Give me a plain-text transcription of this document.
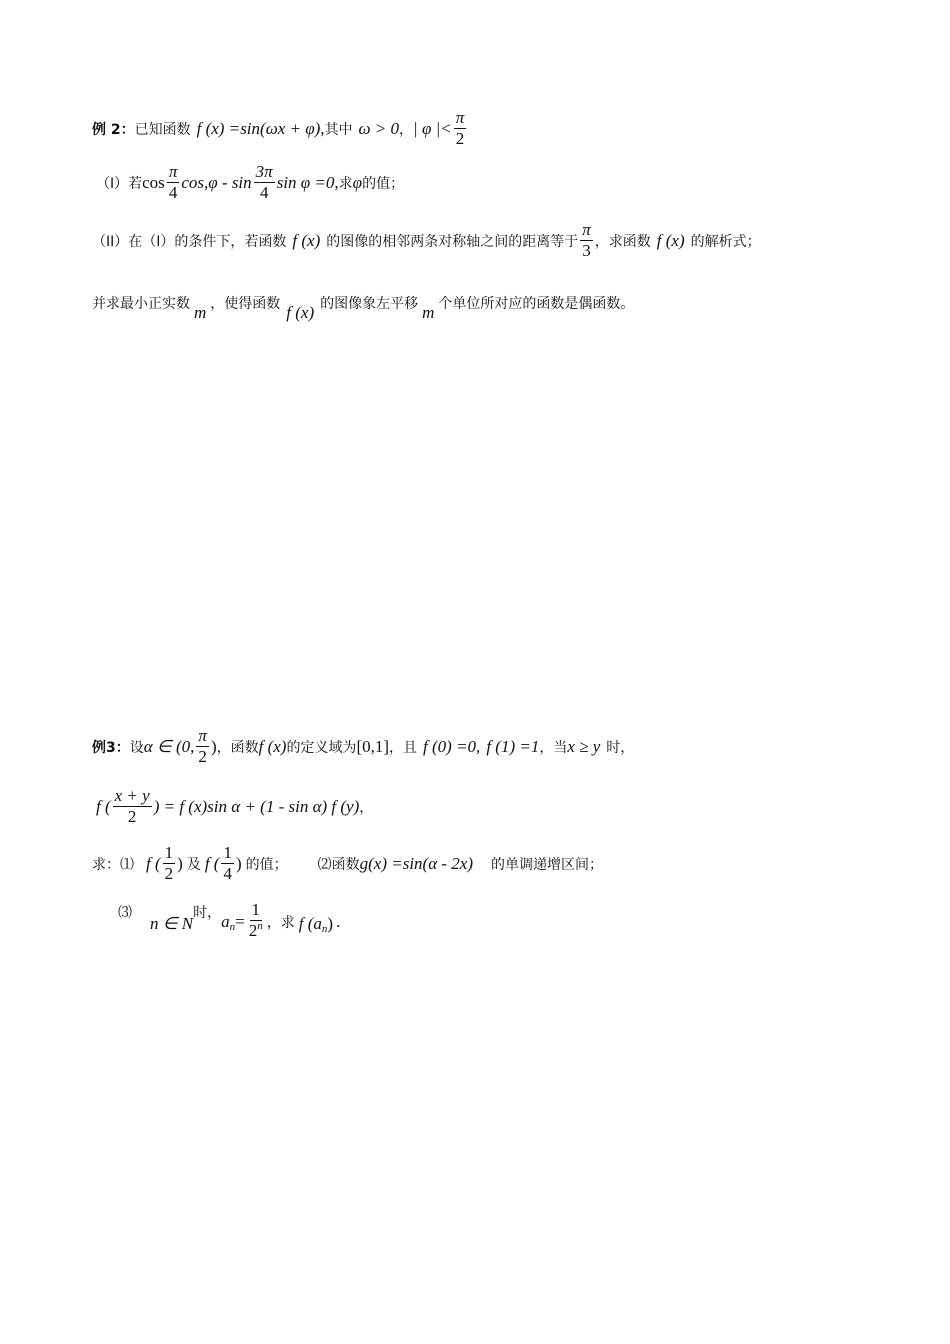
例 2： 已知函数 f (x) =sin(ωx + φ), 其中 ω > 0 ， | φ |< $\frac{\pi}{2}$
（I）若 $\cos \frac{\pi}{4} \cos,\varphi$ - $\sin \frac{3\pi}{4}$ sin φ =0, 求 φ 的值；
（II）在（I）的条件下，若函数 f (x) 的图像的相邻两条对称轴之间的距离等于 $\frac{\pi}{3}$ ，求函数 f (x) 的解析式；
并求最小正实数 m ，使得函数 f (x) 的图像象左平移 m 个单位所对应的函数是偶函数。
例3： 设 α ∈ (0, $\frac{\pi}{2}$ ) ，函数 f (x) 的定义域为 [0,1] ，且 f (0) =0, f (1) =1 ，当 x ≥ y 时，
f ( $\frac{x + y}{2}$ ) = f (x)sin α + (1 - sin α) f (y) ，
求：⑴ f ( $\frac{1}{2}$ ) 及 f ( $\frac{1}{4}$ ) 的值； ⑵函数 g(x) =sin(α - 2x) 的单调递增区间；
⑶
n ∈ N
时， a $n = \frac{1}{2^n}$ ，求 f (a n ) .
